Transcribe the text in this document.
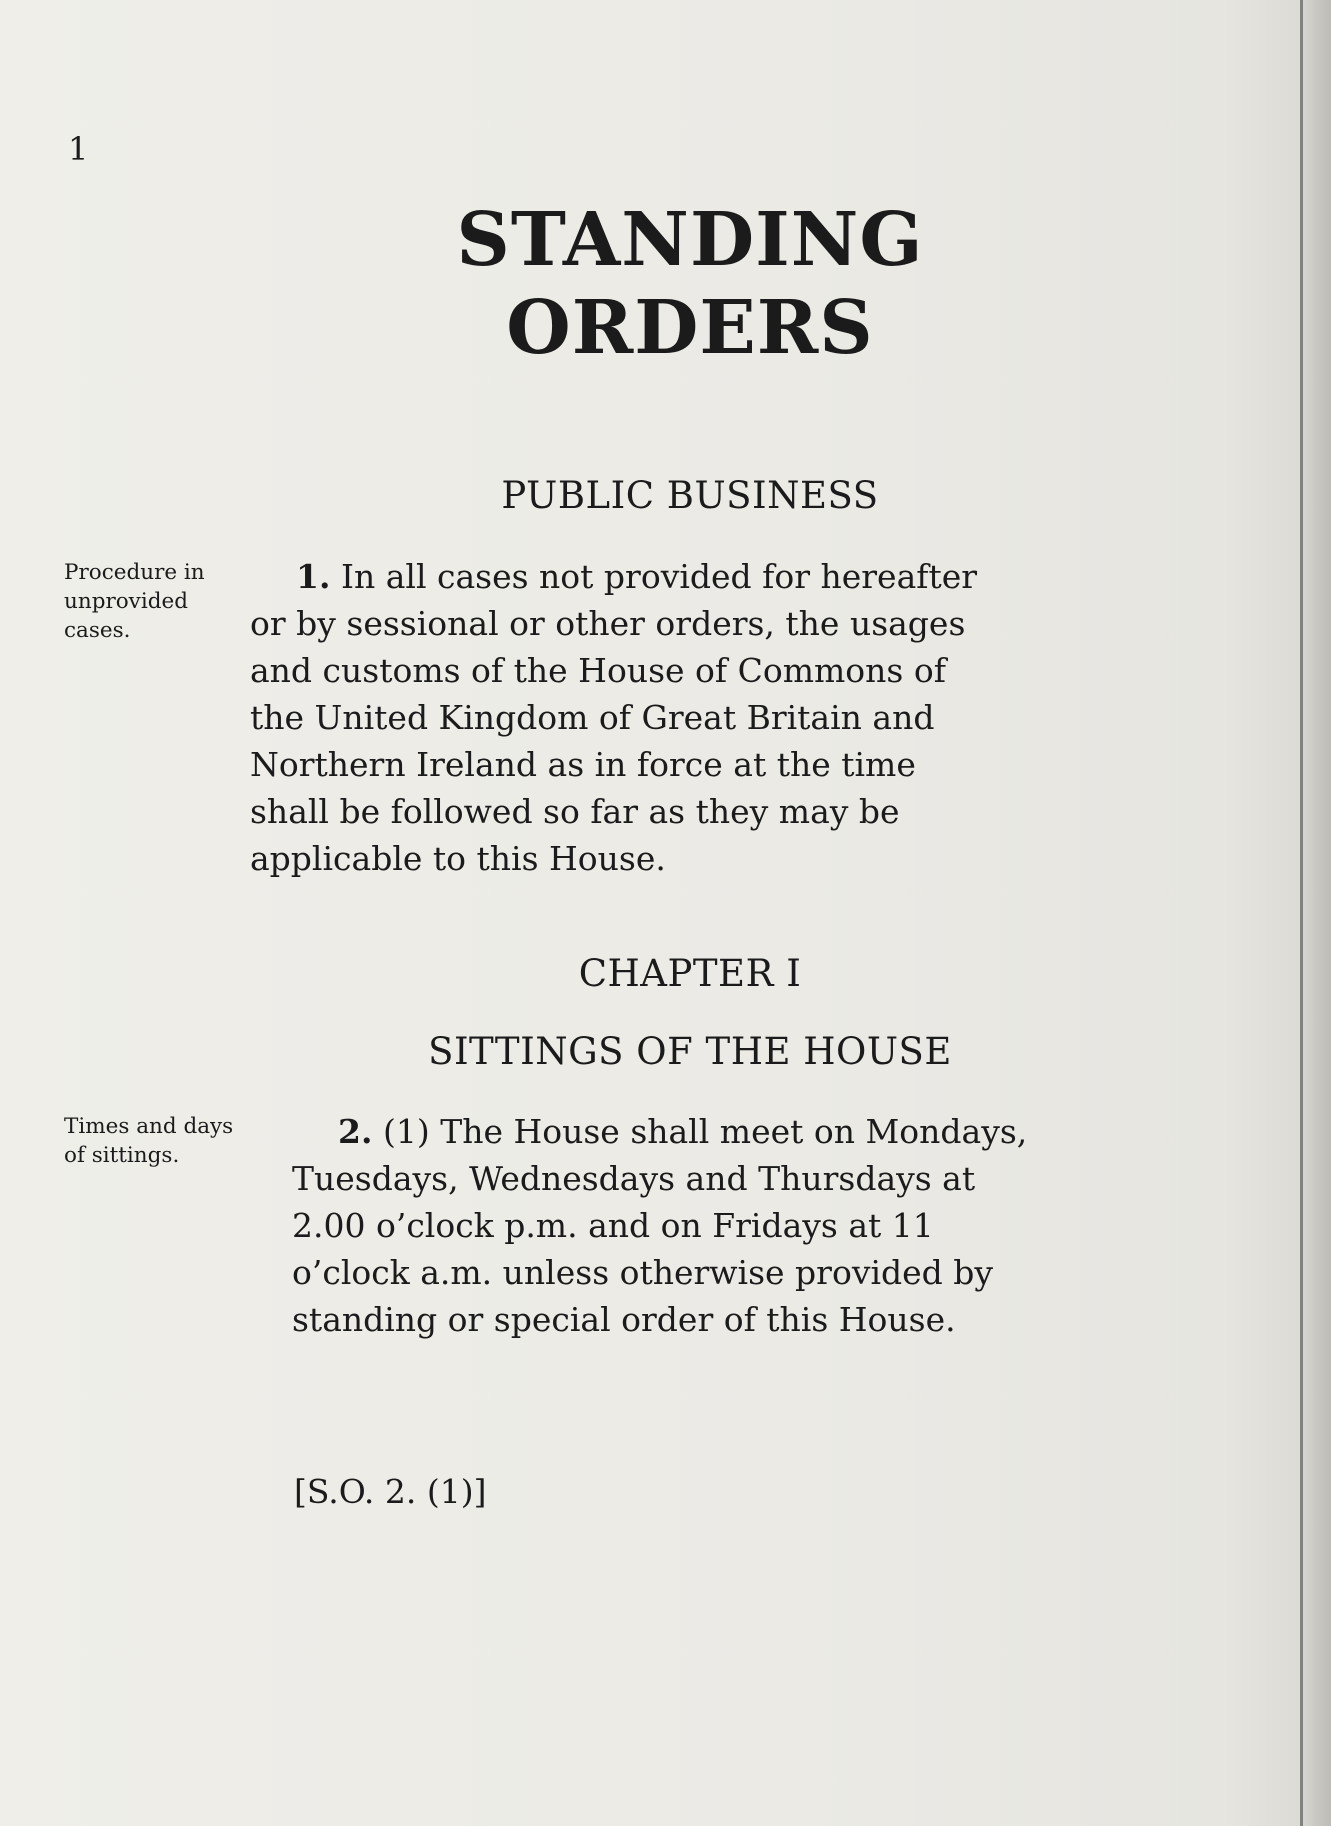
1
STANDING
ORDERS
PUBLIC BUSINESS
Procedure in
unprovided
cases.
1. In all cases not provided for hereafter
or by sessional or other orders, the usages
and customs of the House of Commons of
the United Kingdom of Great Britain and
Northern Ireland as in force at the time
shall be followed so far as they may be
applicable to this House.
CHAPTER I
SITTINGS OF THE HOUSE
Times and days
of sittings.
2. (1) The House shall meet on Mondays,
Tuesdays, Wednesdays and Thursdays at
2.00 o’clock p.m. and on Fridays at 11
o’clock a.m. unless otherwise provided by
standing or special order of this House.
[S.O. 2. (1)]
